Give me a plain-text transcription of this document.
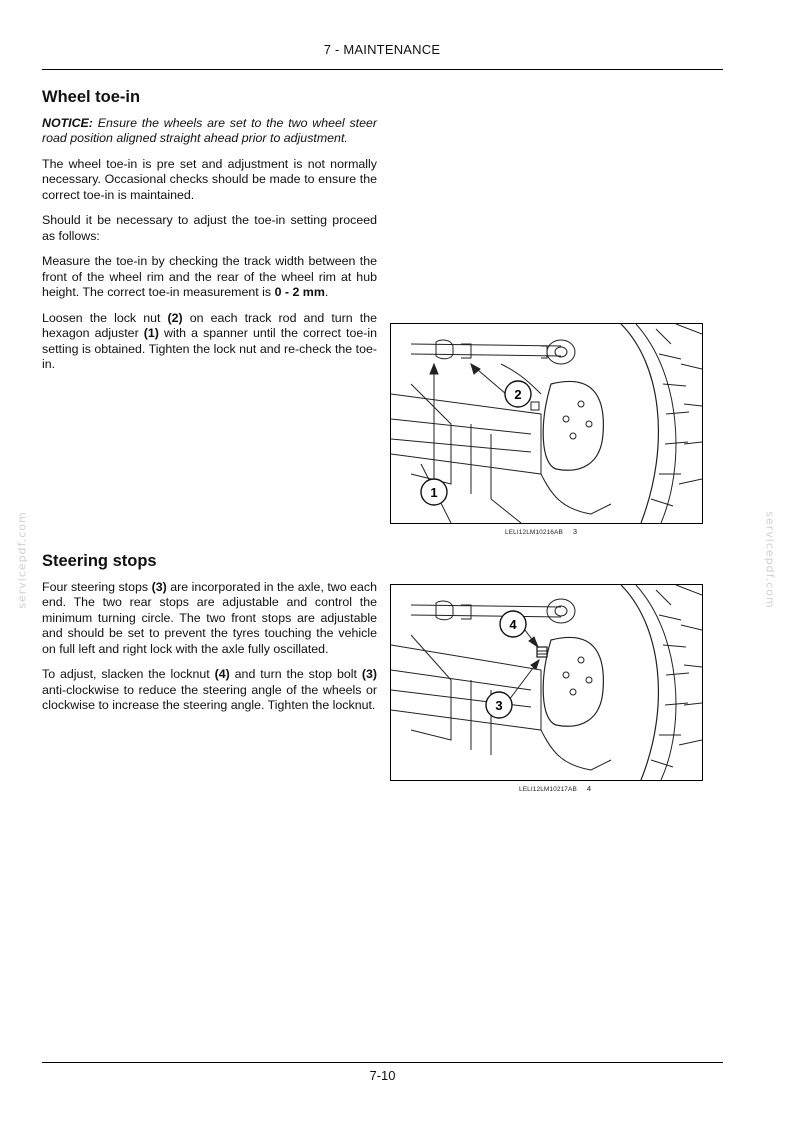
7 - MAINTENANCE
Wheel toe-in

NOTICE: Ensure the wheels are set to the two wheel steer road position aligned straight ahead prior to adjustment.

The wheel toe-in is pre set and adjustment is not normally necessary. Occasional checks should be made to ensure the correct toe-in is maintained.

Should it be necessary to adjust the toe-in setting proceed as follows:

Measure the toe-in by checking the track width between the front of the wheel rim and the rear of the wheel rim at hub height. The correct toe-in measurement is 0 - 2 mm.

Loosen the lock nut (2) on each track rod and turn the hexagon adjuster (1) with a spanner until the correct toe-in setting is obtained. Tighten the lock nut and re-check the toe-in.

1
2
LELI12LM10216AB 3
Steering stops

Four steering stops (3) are incorporated in the axle, two each end. The two rear stops are adjustable and control the minimum turning circle. The two front stops are adjustable and should be set to prevent the tyres touching the vehicle on full left and right lock with the axle fully oscillated.

To adjust, slacken the locknut (4) and turn the stop bolt (3) anti-clockwise to reduce the steering angle of the wheels or clockwise to increase the steering angle. Tighten the locknut.

4
3
LELI12LM10217AB 4
servicepdf.com	servicepdf.com
7-10
